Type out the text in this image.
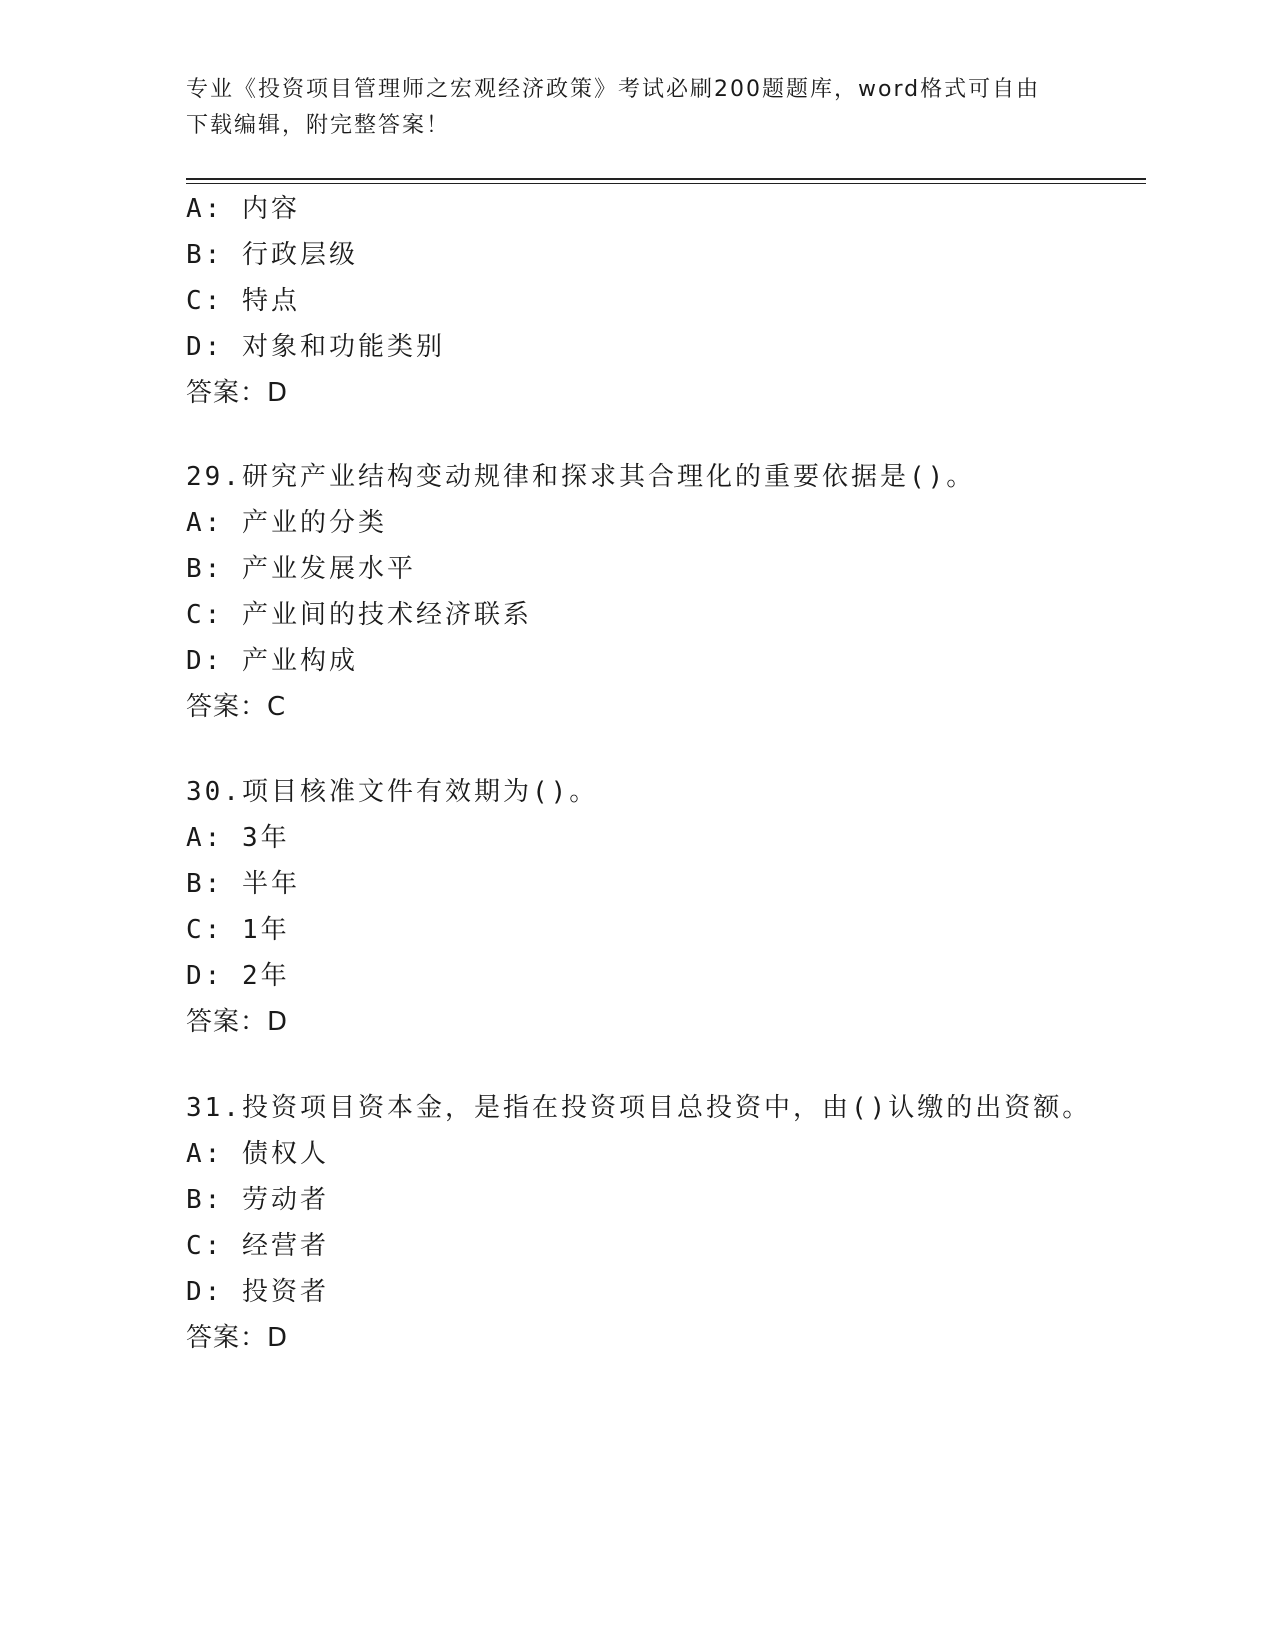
专业《投资项目管理师之宏观经济政策》考试必刷200题题库，word格式可自由
下载编辑，附完整答案！
A: 内容
B: 行政层级
C: 特点
D: 对象和功能类别
答案：D
29.研究产业结构变动规律和探求其合理化的重要依据是()。
A: 产业的分类
B: 产业发展水平
C: 产业间的技术经济联系
D: 产业构成
答案：C
30.项目核准文件有效期为()。
A: 3年
B: 半年
C: 1年
D: 2年
答案：D
31.投资项目资本金，是指在投资项目总投资中，由()认缴的出资额。
A: 债权人
B: 劳动者
C: 经营者
D: 投资者
答案：D
